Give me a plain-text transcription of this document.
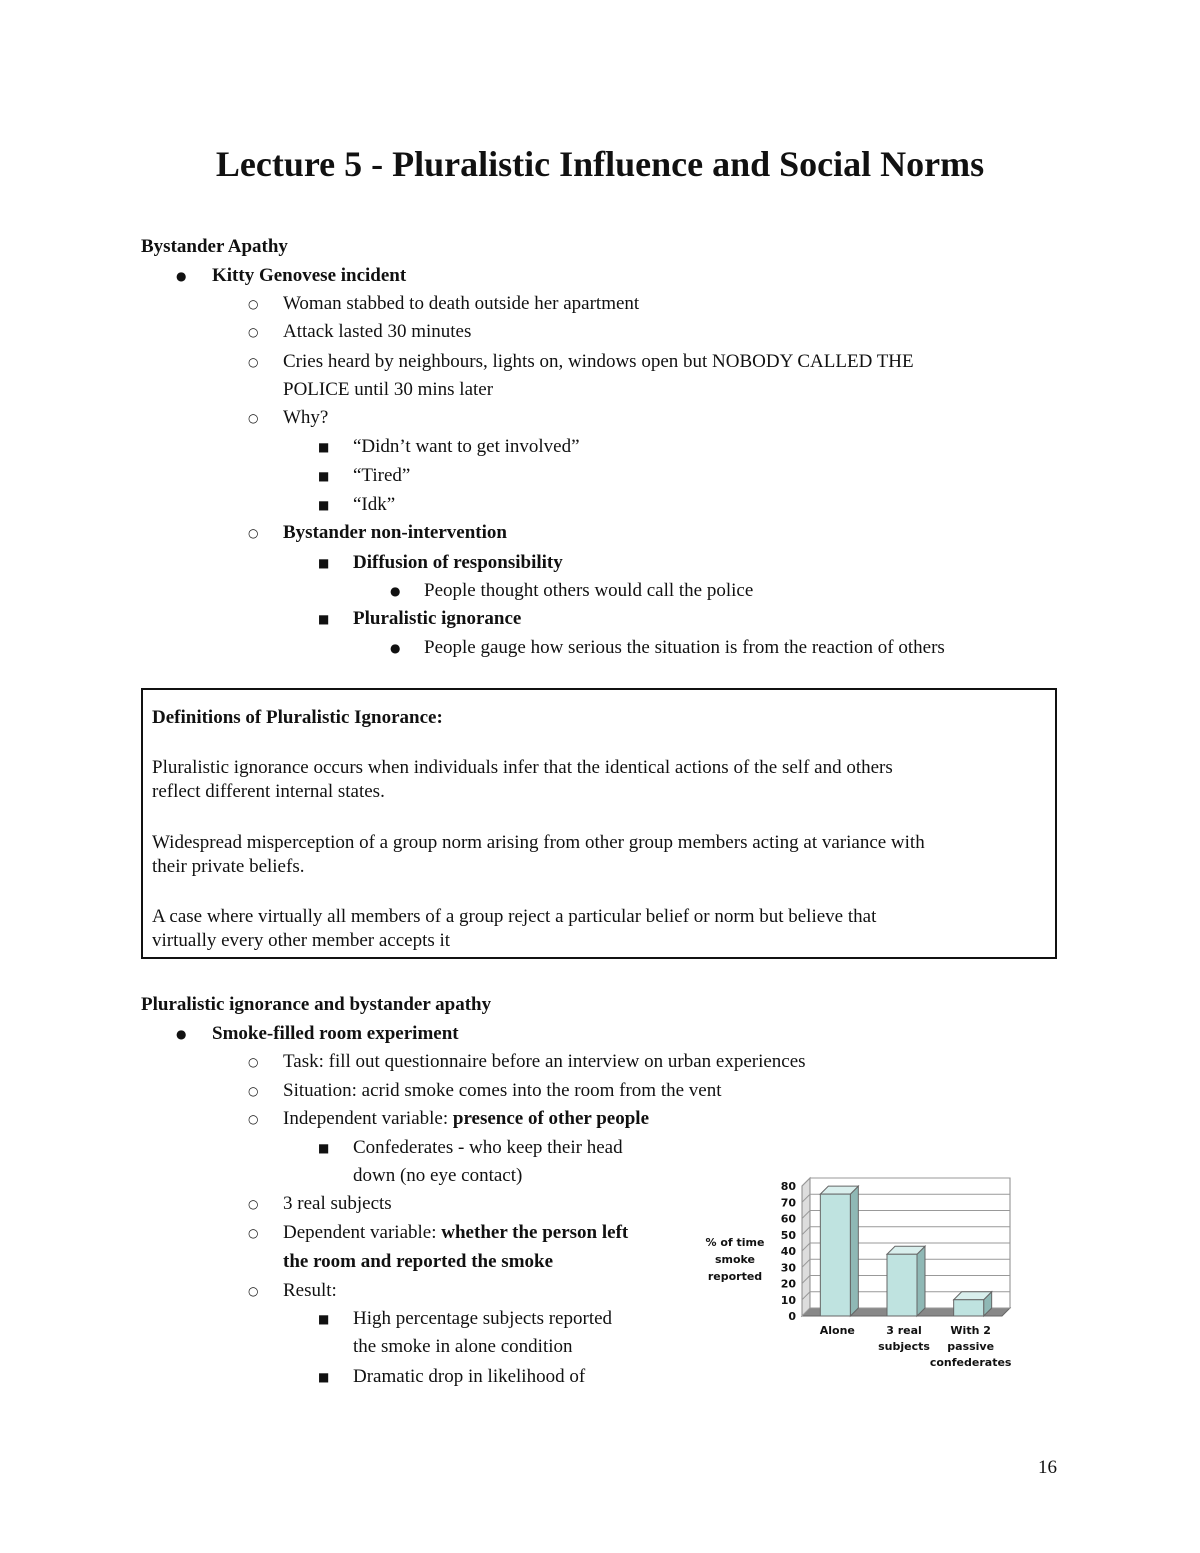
Lecture 5 - Pluralistic Influence and Social Norms
Bystander Apathy
● Kitty Genovese incident
○ Woman stabbed to death outside her apartment
○ Attack lasted 30 minutes
○ Cries heard by neighbours, lights on, windows open but NOBODY CALLED THE
POLICE until 30 mins later
○ Why?
■ “Didn’t want to get involved”
■ “Tired”
■ “Idk”
○ Bystander non-intervention
■ Diffusion of responsibility
● People thought others would call the police
■ Pluralistic ignorance
● People gauge how serious the situation is from the reaction of others
Definitions of Pluralistic Ignorance:
Pluralistic ignorance occurs when individuals infer that the identical actions of the self and others
reflect different internal states.
Widespread misperception of a group norm arising from other group members acting at variance with
their private beliefs.
A case where virtually all members of a group reject a particular belief or norm but believe that
virtually every other member accepts it
Pluralistic ignorance and bystander apathy
● Smoke-filled room experiment
○ Task: fill out questionnaire before an interview on urban experiences
○ Situation: acrid smoke comes into the room from the vent
○ Independent variable: presence of other people
■ Confederates - who keep their head
down (no eye contact)
○ 3 real subjects
○ Dependent variable: whether the person left
the room and reported the smoke
○ Result:
■ High percentage subjects reported
the smoke in alone condition
■ Dramatic drop in likelihood of
0
10
20
30
40
50
60
70
80
Alone	3 real
subjects
With 2
passive
confederates
% of time
smoke
reported
16
